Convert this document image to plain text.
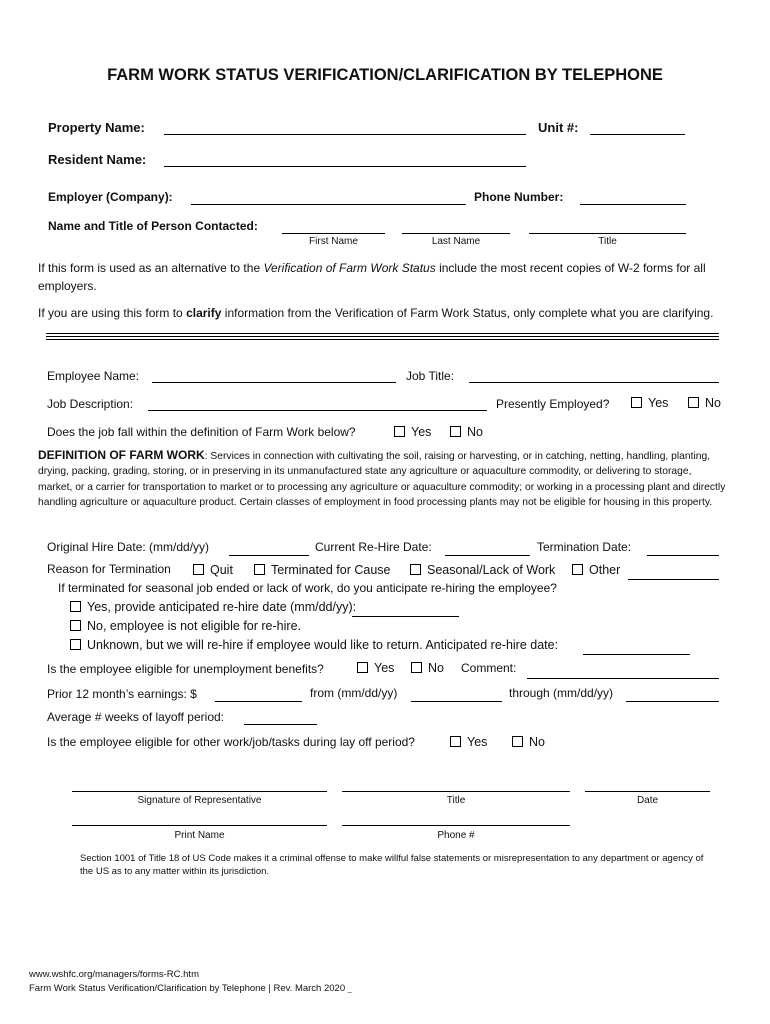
FARM WORK STATUS VERIFICATION/CLARIFICATION BY TELEPHONE
Property Name:	Unit #:
Resident Name:
Employer (Company):	Phone Number:
Name and Title of Person Contacted:
First Name	Last Name	Title
If this form is used as an alternative to the Verification of Farm Work Status include the most recent copies of W-2 forms for all employers.
If you are using this form to clarify information from the Verification of Farm Work Status, only complete what you are clarifying.
Employee Name:	Job Title:
Job Description:	Presently Employed?	Yes	No
Does the job fall within the definition of Farm Work below?	Yes	No
DEFINITION OF FARM WORK: Services in connection with cultivating the soil, raising or harvesting, or in catching, netting, handling, planting, drying, packing, grading, storing, or in preserving in its unmanufactured state any agriculture or aquaculture commodity, or delivering to storage, market, or a carrier for transportation to market or to processing any agriculture or aquaculture commodity; or working in a processing plant and directly handling agriculture or aquaculture product. Certain classes of employment in food processing plants may not be eligible for housing in this property.
Original Hire Date: (mm/dd/yy)	Current Re-Hire Date:	Termination Date:
Reason for Termination	Quit	Terminated for Cause	Seasonal/Lack of Work	Other
If terminated for seasonal job ended or lack of work, do you anticipate re-hiring the employee?
Yes, provide anticipated re-hire date (mm/dd/yy):
No, employee is not eligible for re-hire.
Unknown, but we will re-hire if employee would like to return. Anticipated re-hire date:
Is the employee eligible for unemployment benefits?	Yes	No Comment:
Prior 12 month’s earnings: $	from (mm/dd/yy)	through (mm/dd/yy)
Average # weeks of layoff period:
Is the employee eligible for other work/job/tasks during lay off period?	Yes	No
Signature of Representative	Title	Date
Print Name	Phone #
Section 1001 of Title 18 of US Code makes it a criminal offense to make willful false statements or misrepresentation to any department or agency of the US as to any matter within its jurisdiction.
www.wshfc.org/managers/forms-RC.htm
Farm Work Status Verification/Clarification by Telephone | Rev. March 2020 _
